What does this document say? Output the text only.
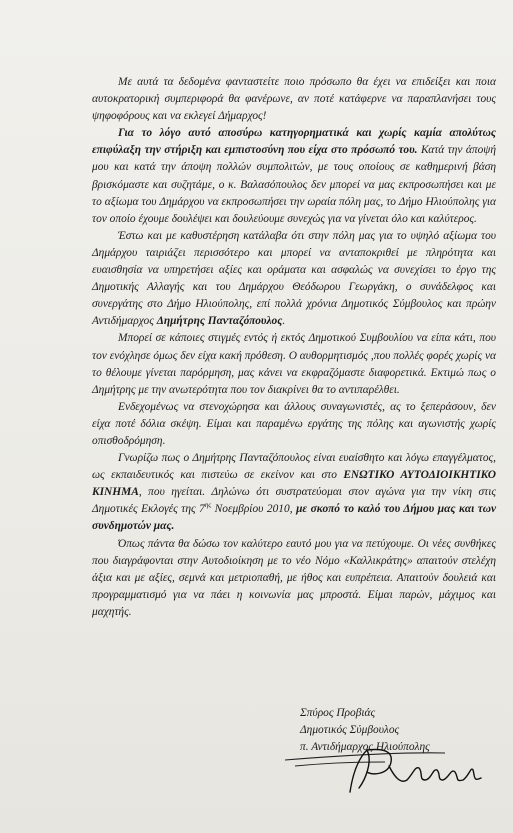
Με αυτά τα δεδομένα φανταστείτε ποιο πρόσωπο θα έχει να επιδείξει και ποια αυτοκρατορική συμπεριφορά θα φανέρωνε, αν ποτέ κατάφερνε να παραπλανήσει τους ψηφοφόρους και να εκλεγεί Δήμαρχος!

Για το λόγο αυτό αποσύρω κατηγορηματικά και χωρίς καμία απολύτως επιφύλαξη την στήριξη και εμπιστοσύνη που είχα στο πρόσωπό του. Κατά την άποψή μου και κατά την άποψη πολλών συμπολιτών, με τους οποίους σε καθημερινή βάση βρισκόμαστε και συζητάμε, ο κ. Βαλασόπουλος δεν μπορεί να μας εκπροσωπήσει και με το αξίωμα του Δημάρχου να εκπροσωπήσει την ωραία πόλη μας, το Δήμο Ηλιούπολης για τον οποίο έχουμε δουλέψει και δουλεύουμε συνεχώς για να γίνεται όλο και καλύτερος.

Έστω και με καθυστέρηση κατάλαβα ότι στην πόλη μας για το υψηλό αξίωμα του Δημάρχου ταιριάζει περισσότερο και μπορεί να ανταποκριθεί με πληρότητα και ευαισθησία να υπηρετήσει αξίες και οράματα και ασφαλώς να συνεχίσει το έργο της Δημοτικής Αλλαγής και του Δημάρχου Θεόδωρου Γεωργάκη, ο συνάδελφος και συνεργάτης στο Δήμο Ηλιούπολης, επί πολλά χρόνια Δημοτικός Σύμβουλος και πρώην Αντιδήμαρχος Δημήτρης Πανταζόπουλος.

Μπορεί σε κάποιες στιγμές εντός ή εκτός Δημοτικού Συμβουλίου να είπα κάτι, που τον ενόχλησε όμως δεν είχα κακή πρόθεση. Ο αυθορμητισμός ,που πολλές φορές χωρίς να το θέλουμε γίνεται παρόρμηση, μας κάνει να εκφραζόμαστε διαφορετικά. Εκτιμώ πως ο Δημήτρης με την ανωτερότητα που τον διακρίνει θα το αντιπαρέλθει.

Ενδεχομένως να στενοχώρησα και άλλους συναγωνιστές, ας το ξεπεράσουν, δεν είχα ποτέ δόλια σκέψη. Είμαι και παραμένω εργάτης της πόλης και αγωνιστής χωρίς οπισθοδρόμηση.

Γνωρίζω πως ο Δημήτρης Πανταζόπουλος είναι ευαίσθητο και λόγω επαγγέλματος, ως εκπαιδευτικός και πιστεύω σε εκείνον και στο ΕΝΩΤΙΚΟ ΑΥΤΟΔΙΟΙΚΗΤΙΚΟ ΚΙΝΗΜΑ, που ηγείται. Δηλώνω ότι συστρατεύομαι στον αγώνα για την νίκη στις Δημοτικές Εκλογές της $7^{\eta\varsigma}$ Νοεμβρίου 2010, με σκοπό το καλό του Δήμου μας και των συνδημοτών μας.

Όπως πάντα θα δώσω τον καλύτερο εαυτό μου για να πετύχουμε. Οι νέες συνθήκες που διαγράφονται στην Αυτοδιοίκηση με το νέο Νόμο «Καλλικράτης» απαιτούν στελέχη άξια και με αξίες, σεμνά και μετριοπαθή, με ήθος και ευπρέπεια. Απαιτούν δουλειά και προγραμματισμό για να πάει η κοινωνία μας μπροστά. Είμαι παρών, μάχιμος και μαχητής.

Σπύρος Προβιάς
Δημοτικός Σύμβουλος
π. Αντιδήμαρχος Ηλιούπολης
